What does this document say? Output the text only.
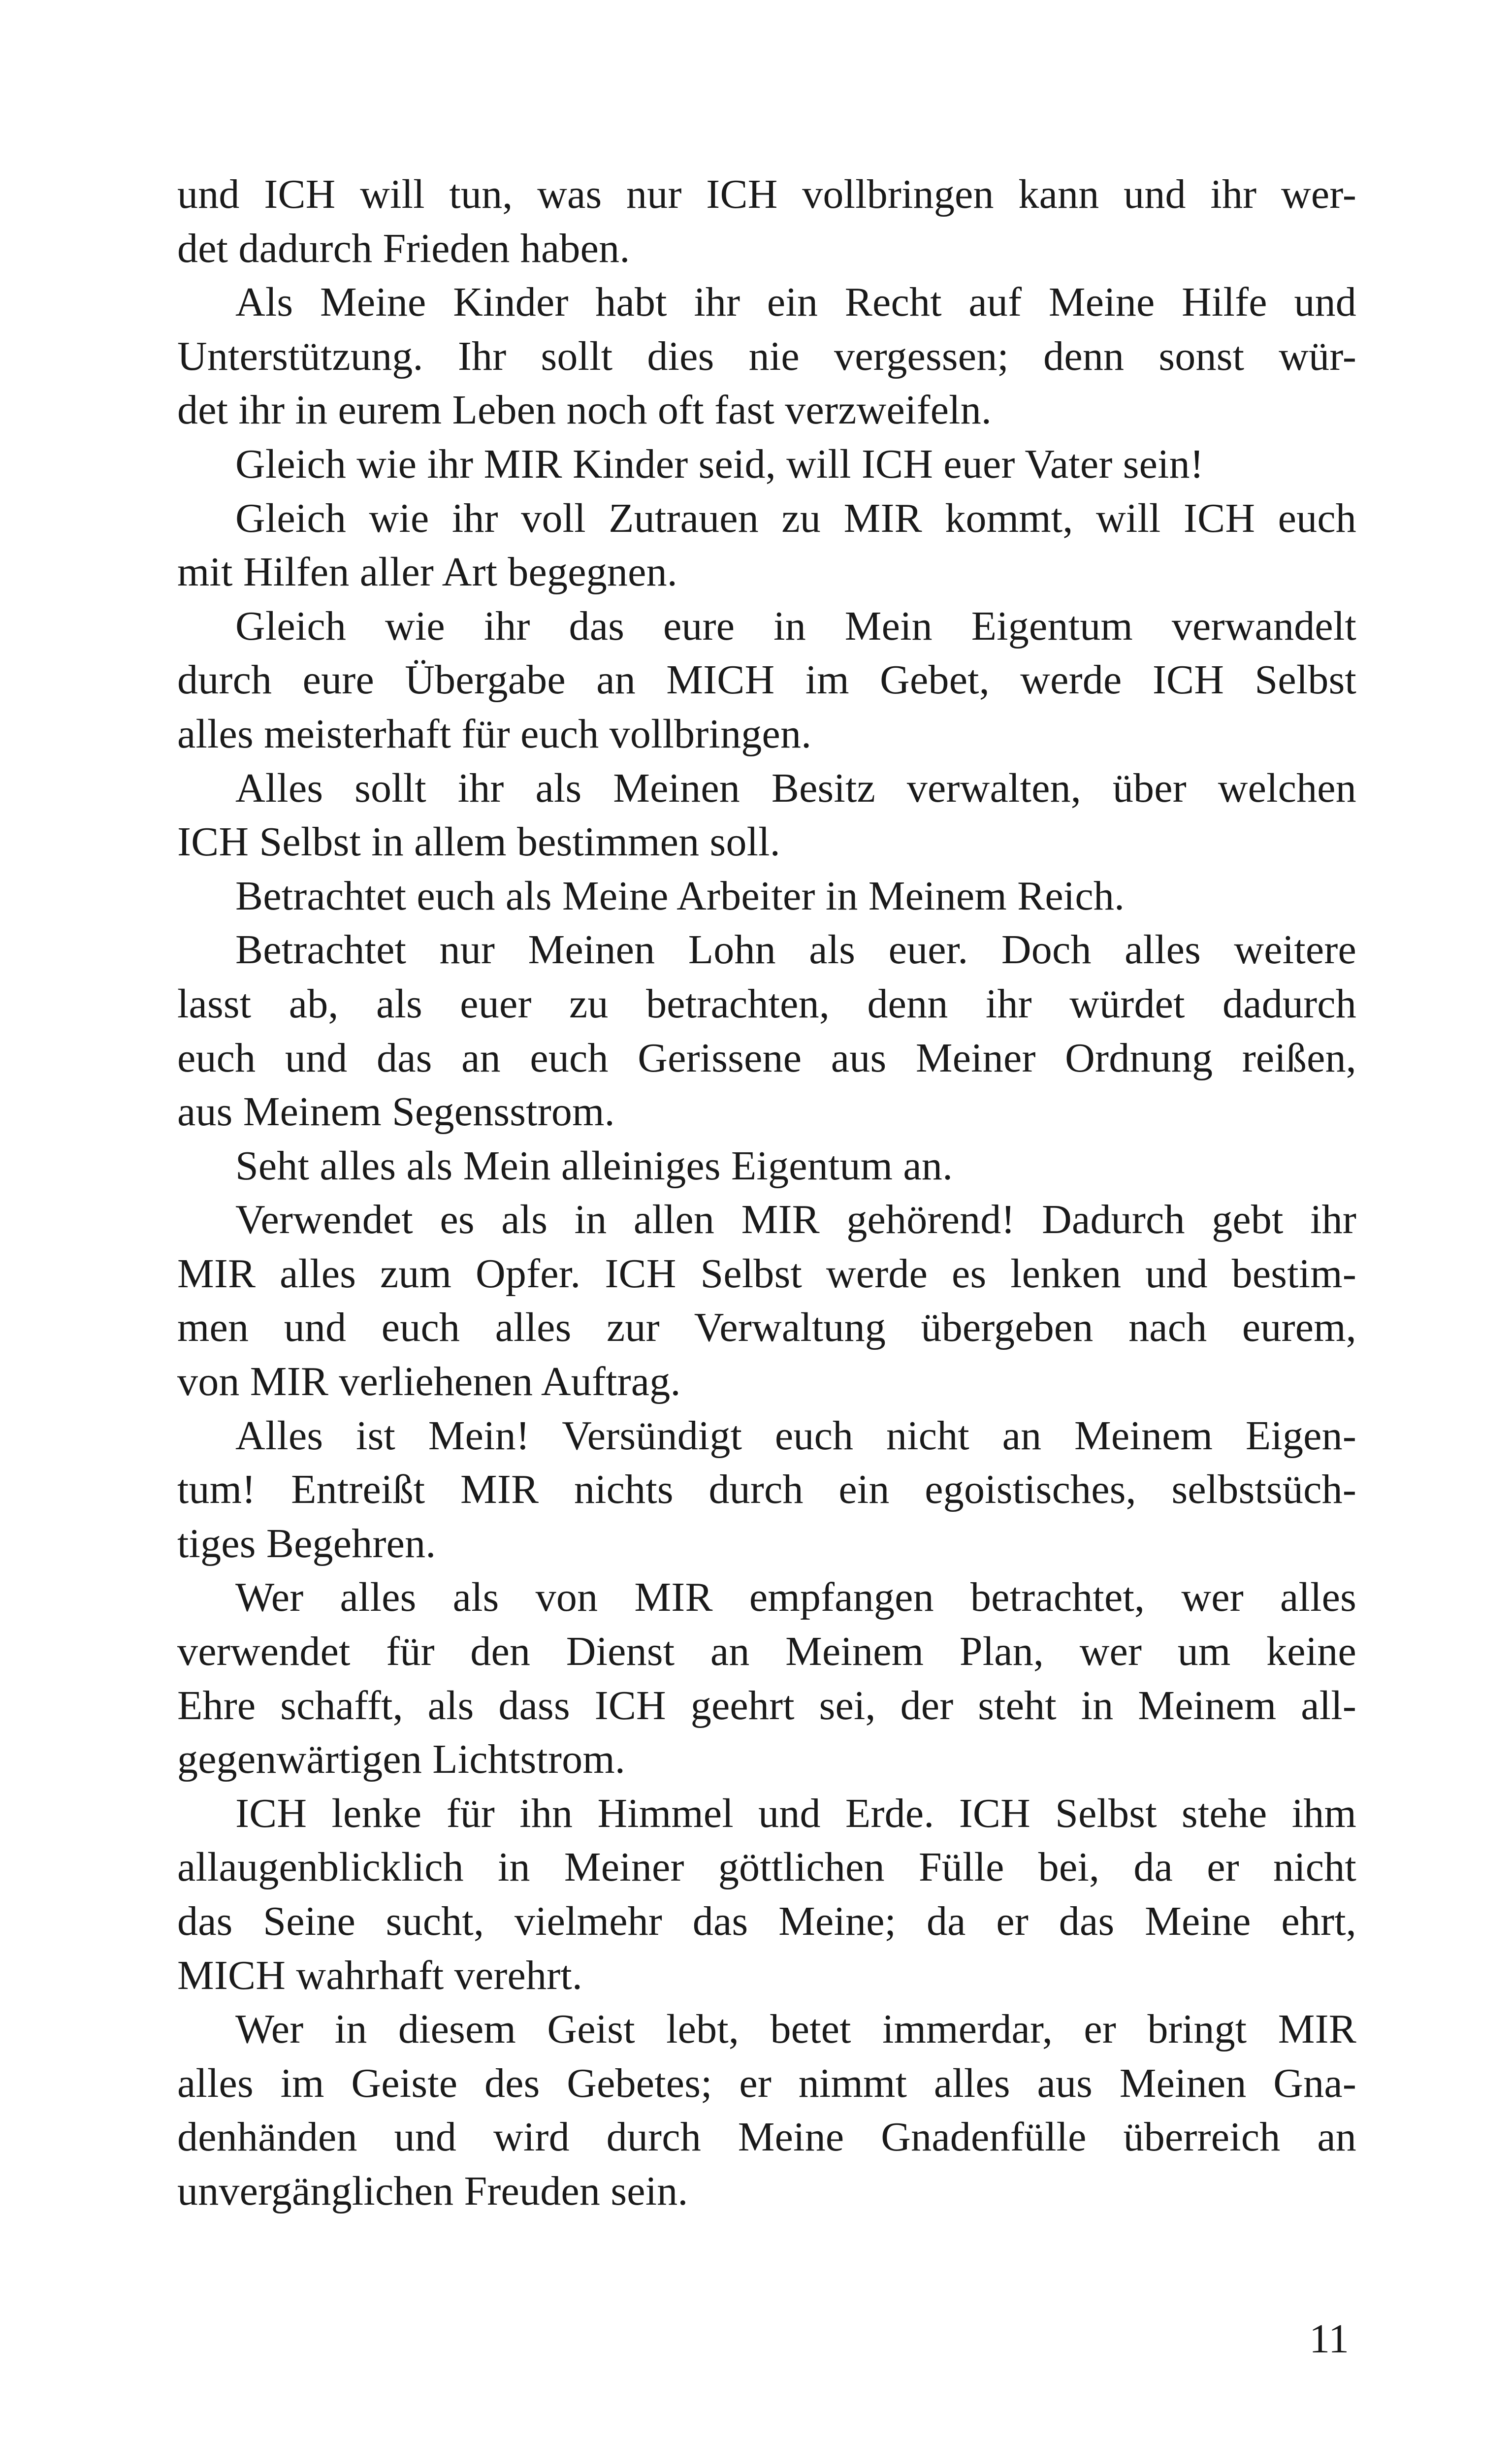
und ICH will tun, was nur ICH vollbringen kann und ihr wer-
det dadurch Frieden haben.
Als Meine Kinder habt ihr ein Recht auf Meine Hilfe und
Unterstützung. Ihr sollt dies nie vergessen; denn sonst wür-
det ihr in eurem Leben noch oft fast verzweifeln.
Gleich wie ihr MIR Kinder seid, will ICH euer Vater sein!
Gleich wie ihr voll Zutrauen zu MIR kommt, will ICH euch
mit Hilfen aller Art begegnen.
Gleich wie ihr das eure in Mein Eigentum verwandelt
durch eure Übergabe an MICH im Gebet, werde ICH Selbst
alles meisterhaft für euch vollbringen.
Alles sollt ihr als Meinen Besitz verwalten, über welchen
ICH Selbst in allem bestimmen soll.
Betrachtet euch als Meine Arbeiter in Meinem Reich.
Betrachtet nur Meinen Lohn als euer. Doch alles weitere
lasst ab, als euer zu betrachten, denn ihr würdet dadurch
euch und das an euch Gerissene aus Meiner Ordnung reißen,
aus Meinem Segensstrom.
Seht alles als Mein alleiniges Eigentum an.
Verwendet es als in allen MIR gehörend! Dadurch gebt ihr
MIR alles zum Opfer. ICH Selbst werde es lenken und bestim-
men und euch alles zur Verwaltung übergeben nach eurem,
von MIR verliehenen Auftrag.
Alles ist Mein! Versündigt euch nicht an Meinem Eigen-
tum! Entreißt MIR nichts durch ein egoistisches, selbstsüch-
tiges Begehren.
Wer alles als von MIR empfangen betrachtet, wer alles
verwendet für den Dienst an Meinem Plan, wer um keine
Ehre schafft, als dass ICH geehrt sei, der steht in Meinem all-
gegenwärtigen Lichtstrom.
ICH lenke für ihn Himmel und Erde. ICH Selbst stehe ihm
allaugenblicklich in Meiner göttlichen Fülle bei, da er nicht
das Seine sucht, vielmehr das Meine; da er das Meine ehrt,
MICH wahrhaft verehrt.
Wer in diesem Geist lebt, betet immerdar, er bringt MIR
alles im Geiste des Gebetes; er nimmt alles aus Meinen Gna-
denhänden und wird durch Meine Gnadenfülle überreich an
unvergänglichen Freuden sein.
11
